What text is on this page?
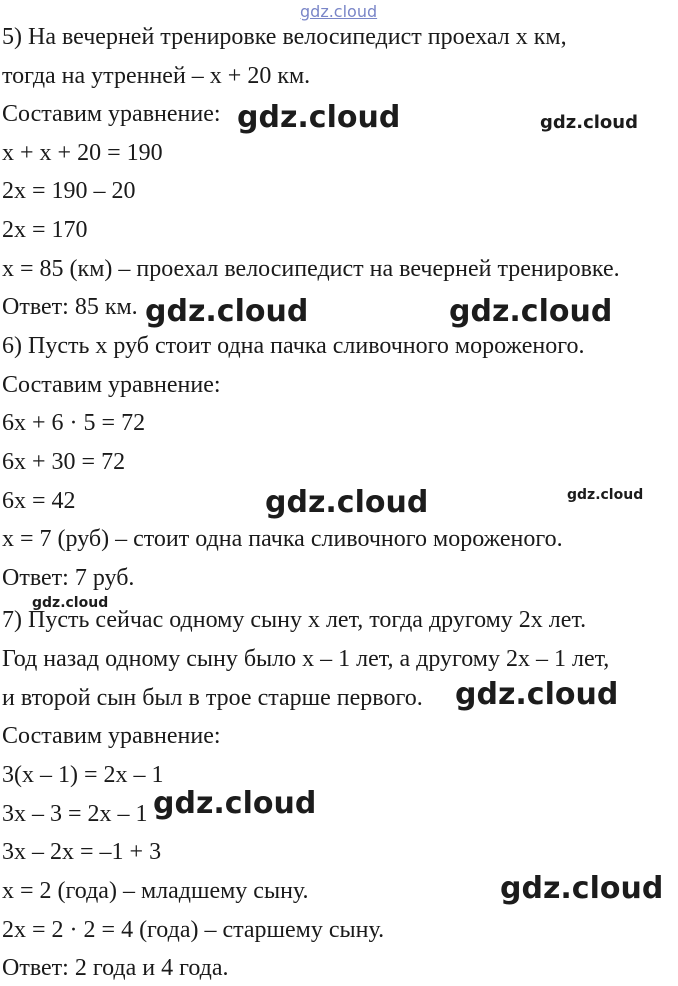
gdz.cloud
gdz.cloud	gdz.cloud
gdz.cloud	gdz.cloud
gdz.cloud	gdz.cloud
gdz.cloud
gdz.cloud
gdz.cloud
gdz.cloud
5) На вечерней тренировке велосипедист проехал x км,
тогда на утренней – x + 20 км.
Составим уравнение:
x + x + 20 = 190
2x = 190 – 20
2x = 170
x = 85 (км) – проехал велосипедист на вечерней тренировке.
Ответ: 85 км.
6) Пусть x руб стоит одна пачка сливочного мороженого.
Составим уравнение:
6x + 6 · 5 = 72
6x + 30 = 72
6x = 42
x = 7 (руб) – стоит одна пачка сливочного мороженого.
Ответ: 7 руб.
7) Пусть сейчас одному сыну x лет, тогда другому 2x лет.
Год назад одному сыну было x – 1 лет, а другому 2x – 1 лет,
и второй сын был в трое старше первого.
Составим уравнение:
3(x – 1) = 2x – 1
3x – 3 = 2x – 1
3x – 2x = –1 + 3
x = 2 (года) – младшему сыну.
2x = 2 · 2 = 4 (года) – старшему сыну.
Ответ: 2 года и 4 года.
